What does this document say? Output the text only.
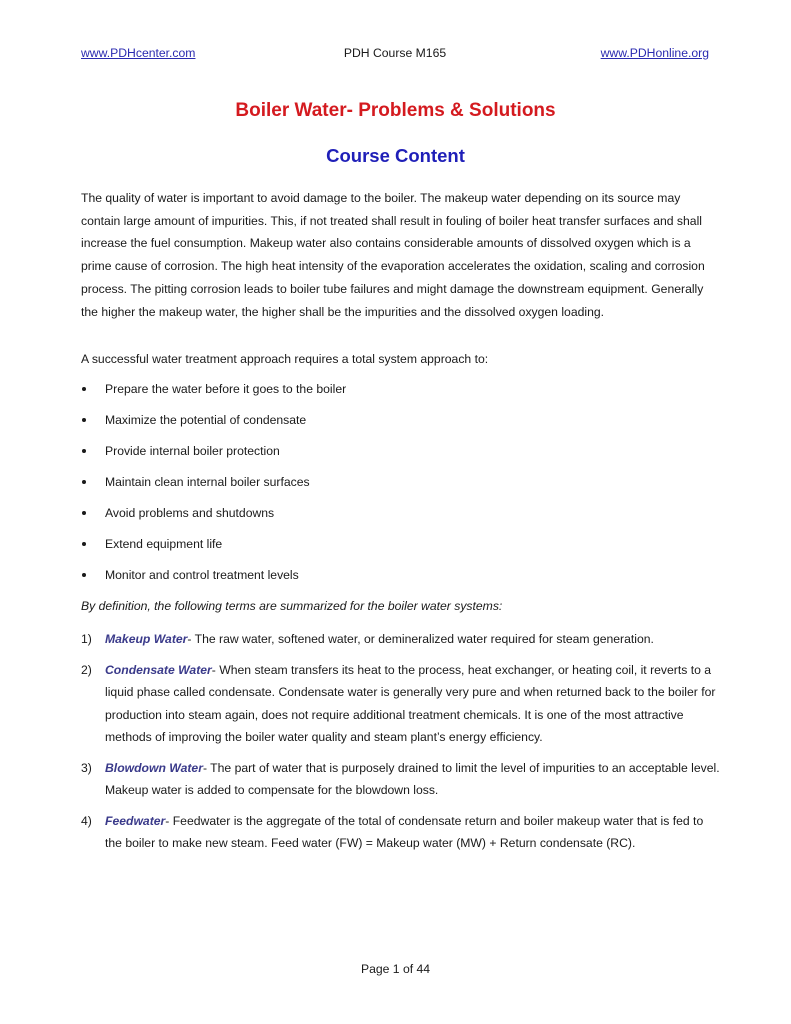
www.PDHcenter.com	PDH Course M165	www.PDHonline.org
Boiler Water- Problems & Solutions
Course Content

The quality of water is important to avoid damage to the boiler. The makeup water depending on its source may contain large amount of impurities. This, if not treated shall result in fouling of boiler heat transfer surfaces and shall increase the fuel consumption. Makeup water also contains considerable amounts of dissolved oxygen which is a prime cause of corrosion. The high heat intensity of the evaporation accelerates the oxidation, scaling and corrosion process. The pitting corrosion leads to boiler tube failures and might damage the downstream equipment. Generally the higher the makeup water, the higher shall be the impurities and the dissolved oxygen loading.

A successful water treatment approach requires a total system approach to:

Prepare the water before it goes to the boiler
Maximize the potential of condensate
Provide internal boiler protection
Maintain clean internal boiler surfaces
Avoid problems and shutdowns
Extend equipment life
Monitor and control treatment levels

By definition, the following terms are summarized for the boiler water systems:

1) Makeup Water- The raw water, softened water, or demineralized water required for steam generation.
2) Condensate Water- When steam transfers its heat to the process, heat exchanger, or heating coil, it reverts to a liquid phase called condensate. Condensate water is generally very pure and when returned back to the boiler for production into steam again, does not require additional treatment chemicals. It is one of the most attractive methods of improving the boiler water quality and steam plant’s energy efficiency.
3) Blowdown Water- The part of water that is purposely drained to limit the level of impurities to an acceptable level. Makeup water is added to compensate for the blowdown loss.
4) Feedwater- Feedwater is the aggregate of the total of condensate return and boiler makeup water that is fed to the boiler to make new steam. Feed water (FW) = Makeup water (MW) + Return condensate (RC).
Page 1 of 44
